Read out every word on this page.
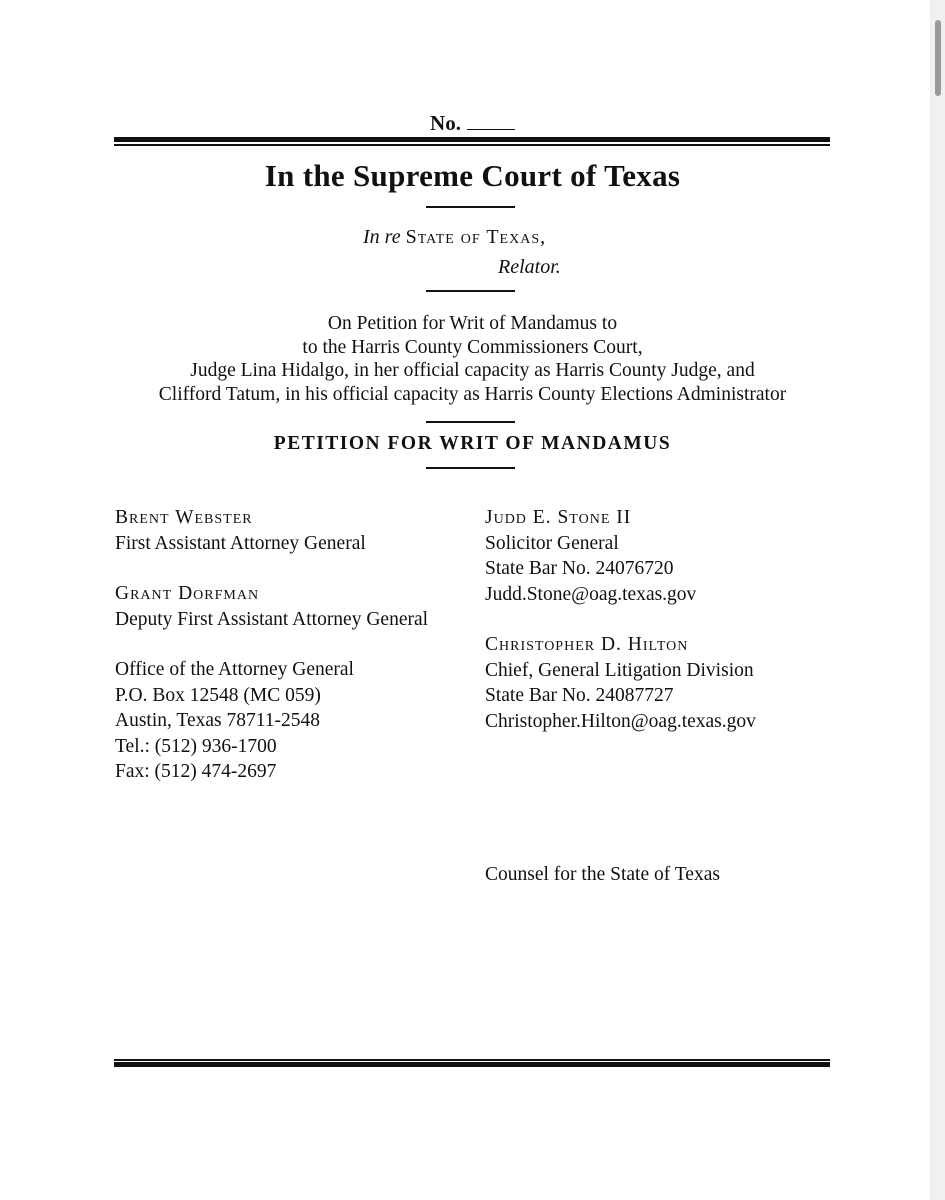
No.
In the Supreme Court of Texas
In re State of Texas,
Relator.
On Petition for Writ of Mandamus to
to the Harris County Commissioners Court,
Judge Lina Hidalgo, in her official capacity as Harris County Judge, and
Clifford Tatum, in his official capacity as Harris County Elections Administrator
PETITION FOR WRIT OF MANDAMUS
Brent Webster
First Assistant Attorney General
Grant Dorfman
Deputy First Assistant Attorney General
Office of the Attorney General
P.O. Box 12548 (MC 059)
Austin, Texas 78711-2548
Tel.: (512) 936-1700
Fax: (512) 474-2697
Judd E. Stone II
Solicitor General
State Bar No. 24076720
Judd.Stone@oag.texas.gov
Christopher D. Hilton
Chief, General Litigation Division
State Bar No. 24087727
Christopher.Hilton@oag.texas.gov
Counsel for the State of Texas
